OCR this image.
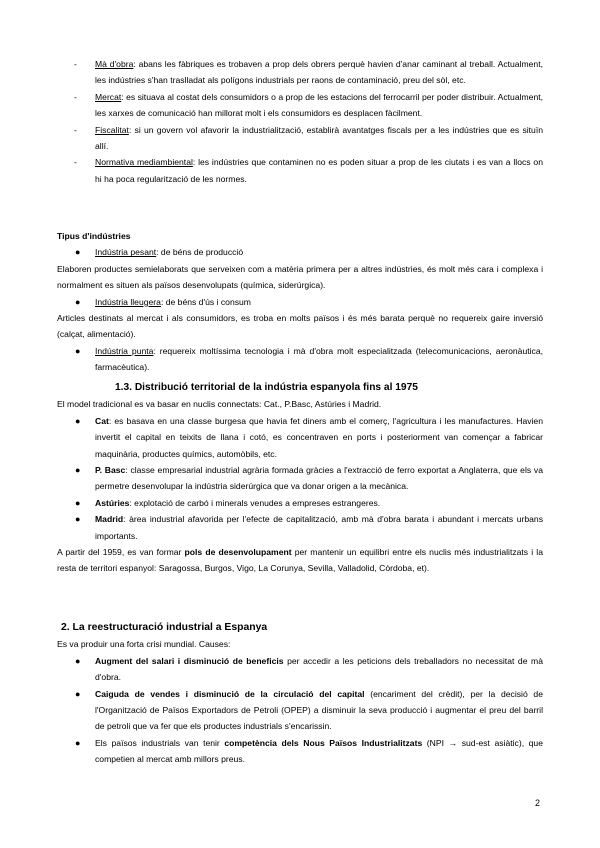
- Mà d'obra: abans les fàbriques es trobaven a prop dels obrers perquè havien d'anar caminant al treball. Actualment, les indústries s'han traslladat als polígons industrials per raons de contaminació, preu del sòl, etc.
- Mercat: es situava al costat dels consumidors o a prop de les estacions del ferrocarril per poder distribuir. Actualment, les xarxes de comunicació han millorat molt i els consumidors es desplacen fàcilment.
- Fiscalitat: si un govern vol afavorir la industrialització, establirà avantatges fiscals per a les indústries que es situïn allí.
- Normativa mediambiental: les indústries que contaminen no es poden situar a prop de les ciutats i es van a llocs on hi ha poca regularització de les normes.
Tipus d'indústries
● Indústria pesant: de béns de producció
Elaboren productes semielaborats que serveixen com a matèria primera per a altres indústries, és molt més cara i complexa i normalment es situen als països desenvolupats (química, siderúrgica).
● Indústria lleugera: de béns d'ús i consum
Articles destinats al mercat i als consumidors, es troba en molts països i és més barata perquè no requereix gaire inversió (calçat, alimentació).
● Indústria punta: requereix moltíssima tecnologia i mà d'obra molt especialitzada (telecomunicacions, aeronàutica, farmacèutica).
1.3. Distribució territorial de la indústria espanyola fins al 1975
El model tradicional es va basar en nuclis connectats: Cat., P.Basc, Astúries i Madrid.
● Cat: es basava en una classe burgesa que havia fet diners amb el comerç, l'agricultura i les manufactures. Havien invertit el capital en teixits de llana i cotó, es concentraven en ports i posteriorment van començar a fabricar maquinària, productes químics, automòbils, etc.
● P. Basc: classe empresarial industrial agrària formada gràcies a l'extracció de ferro exportat a Anglaterra, que els va permetre desenvolupar la indústria siderúrgica que va donar origen a la mecànica.
● Astúries: explotació de carbó i minerals venudes a empreses estrangeres.
● Madrid: àrea industrial afavorida per l'efecte de capitalització, amb mà d'obra barata i abundant i mercats urbans importants.
A partir del 1959, es van formar pols de desenvolupament per mantenir un equilibri entre els nuclis més industrialitzats i la resta de territori espanyol: Saragossa, Burgos, Vigo, La Corunya, Sevilla, Valladolid, Còrdoba, et).
2. La reestructuració industrial a Espanya
Es va produir una forta crisi mundial. Causes:
● Augment del salari i disminució de beneficis per accedir a les peticions dels treballadors no necessitat de mà d'obra.
● Caiguda de vendes i disminució de la circulació del capital (encariment del crèdit), per la decisió de l'Organització de Països Exportadors de Petroli (OPEP) a disminuir la seva producció i augmentar el preu del barril de petroli que va fer que els productes industrials s'encarissin.
● Els països industrials van tenir competència dels Nous Països Industrialitzats (NPI → sud-est asiàtic), que competien al mercat amb millors preus.
2
